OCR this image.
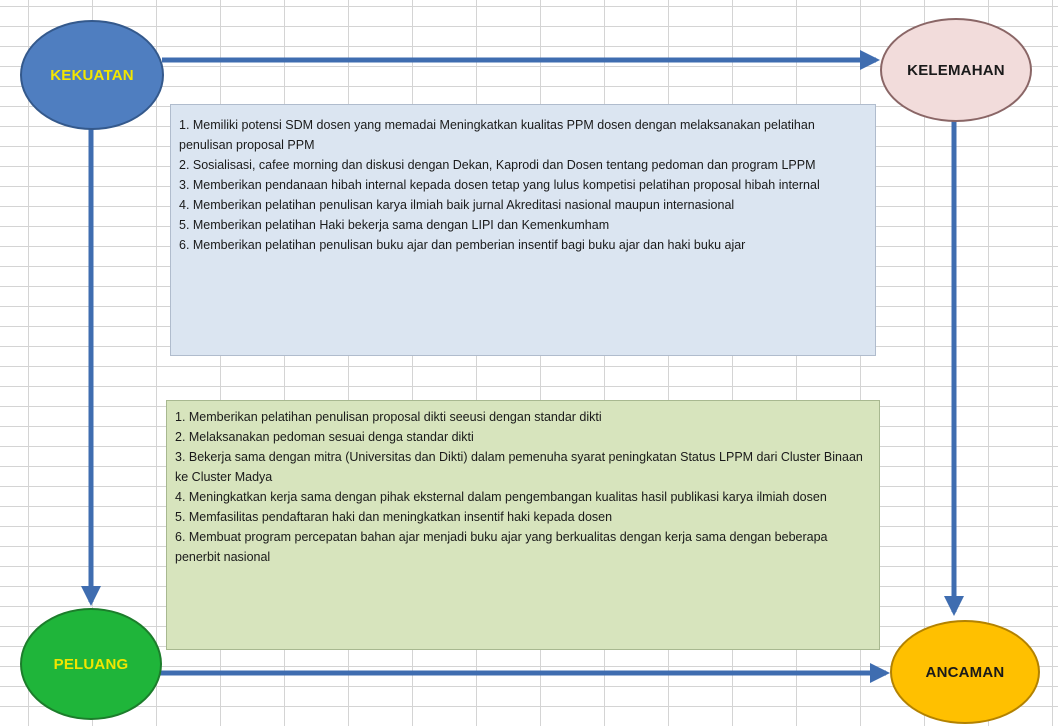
KEKUATAN	KELEMAHAN
PELUANG	ANCAMAN

1. Memiliki potensi SDM dosen yang memadai Meningkatkan kualitas PPM dosen dengan melaksanakan pelatihan penulisan proposal PPM

2. Sosialisasi, cafee morning dan diskusi dengan Dekan, Kaprodi dan Dosen tentang pedoman dan program LPPM

3. Memberikan pendanaan hibah internal kepada dosen tetap yang lulus kompetisi pelatihan proposal hibah internal

4. Memberikan pelatihan penulisan karya ilmiah baik jurnal Akreditasi nasional maupun internasional

5. Memberikan pelatihan Haki bekerja sama dengan LIPI dan Kemenkumham

6. Memberikan pelatihan penulisan buku ajar dan pemberian insentif bagi buku ajar dan haki buku ajar

1. Memberikan pelatihan penulisan proposal dikti seeusi dengan standar dikti

2. Melaksanakan pedoman sesuai denga standar dikti

3. Bekerja sama dengan mitra (Universitas dan Dikti) dalam pemenuha syarat peningkatan Status LPPM dari Cluster Binaan ke Cluster Madya

4. Meningkatkan kerja sama dengan pihak eksternal dalam pengembangan kualitas hasil publikasi karya ilmiah dosen

5. Memfasilitas pendaftaran haki dan meningkatkan insentif haki kepada dosen

6. Membuat program percepatan bahan ajar menjadi buku ajar yang berkualitas dengan kerja sama dengan beberapa penerbit nasional
